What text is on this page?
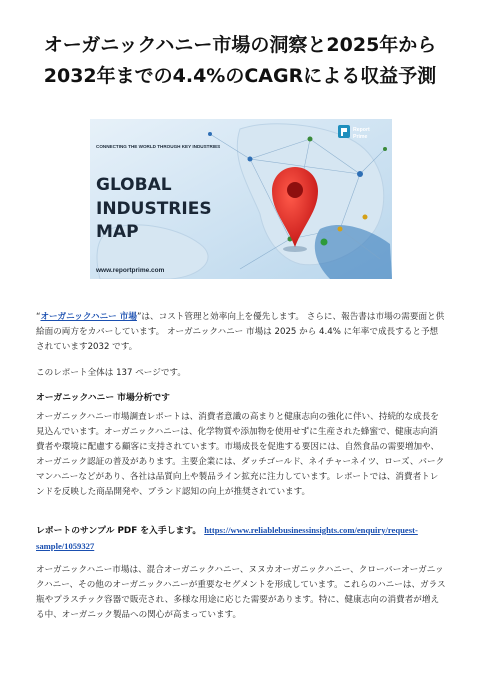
オーガニックハニー市場の洞察と2025年から
2032年までの4.4%のCAGRによる収益予測
CONNECTING THE WORLD THROUGH KEY INDUSTRIES
GLOBAL
INDUSTRIES
MAP
www.reportprime.com
Report
Prime

“オーガニックハニー 市場”は、コスト管理と効率向上を優先します。 さらに、報告書は市場の需要面と供給面の両方をカバーしています。 オーガニックハニー 市場は 2025 から 4.4% に年率で成長すると予想されています2032 です。

このレポート全体は 137 ページです。

オーガニックハニー 市場分析です

オーガニックハニー市場調査レポートは、消費者意識の高まりと健康志向の強化に伴い、持続的な成長を見込んでいます。オーガニックハニーは、化学物質や添加物を使用せずに生産された蜂蜜で、健康志向消費者や環境に配慮する顧客に支持されています。市場成長を促進する要因には、自然食品の需要増加や、オーガニック認証の普及があります。主要企業には、ダッチゴールド、ネイチャーネイツ、ローズ、バークマンハニーなどがあり、各社は品質向上や製品ライン拡充に注力しています。レポートでは、消費者トレンドを反映した商品開発や、ブランド認知の向上が推奨されています。

レポートのサンプル PDF を入手します。 https://www.reliablebusinessinsights.com/enquiry/request-sample/1059327

オーガニックハニー市場は、混合オーガニックハニー、ヌヌカオーガニックハニー、クローバーオーガニックハニー、その他のオーガニックハニーが重要なセグメントを形成しています。これらのハニーは、ガラス瓶やプラスチック容器で販売され、多様な用途に応じた需要があります。特に、健康志向の消費者が増える中、オーガニック製品への関心が高まっています。
